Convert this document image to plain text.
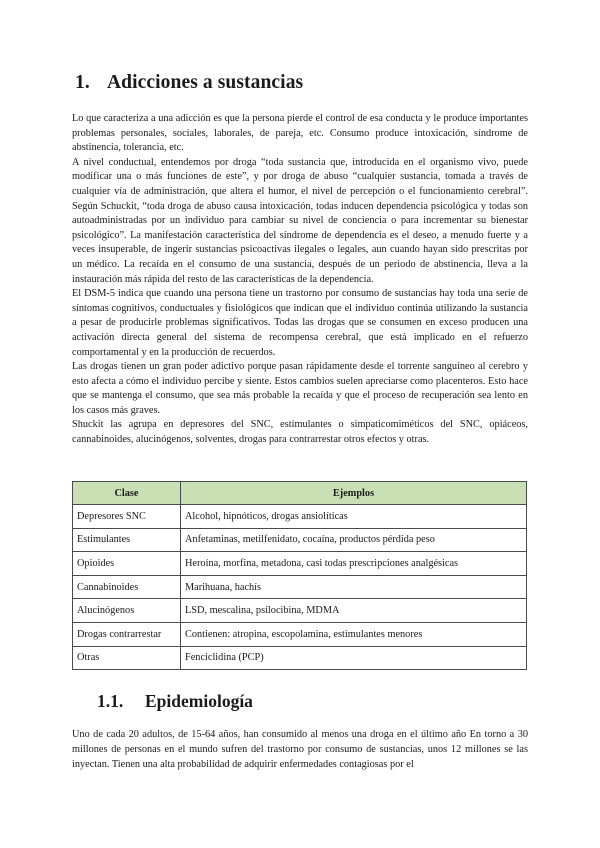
1. Adicciones a sustancias

Lo que caracteriza a una adicción es que la persona pierde el control de esa conducta y le produce importantes problemas personales, sociales, laborales, de pareja, etc. Consumo produce intoxicación, síndrome de abstinencia, tolerancia, etc.

A nivel conductual, entendemos por droga “toda sustancia que, introducida en el organismo vivo, puede modificar una o más funciones de este”, y por droga de abuso “cualquier sustancia, tomada a través de cualquier vía de administración, que altera el humor, el nivel de percepción o el funcionamiento cerebral”. Según Schuckit, “toda droga de abuso causa intoxicación, todas inducen dependencia psicológica y todas son autoadministradas por un individuo para cambiar su nivel de conciencia o para incrementar su bienestar psicológico”. La manifestación característica del síndrome de dependencia es el deseo, a menudo fuerte y a veces insuperable, de ingerir sustancias psicoactivas ilegales o legales, aun cuando hayan sido prescritas por un médico. La recaída en el consumo de una sustancia, después de un periodo de abstinencia, lleva a la instauración más rápida del resto de las características de la dependencia.

El DSM-5 indica que cuando una persona tiene un trastorno por consumo de sustancias hay toda una serie de síntomas cognitivos, conductuales y fisiológicos que indican que el individuo continúa utilizando la sustancia a pesar de producirle problemas significativos. Todas las drogas que se consumen en exceso producen una activación directa general del sistema de recompensa cerebral, que está implicado en el refuerzo comportamental y en la producción de recuerdos.

Las drogas tienen un gran poder adictivo porque pasan rápidamente desde el torrente sanguíneo al cerebro y esto afecta a cómo el individuo percibe y siente. Estos cambios suelen apreciarse como placenteros. Esto hace que se mantenga el consumo, que sea más probable la recaída y que el proceso de recuperación sea lento en los casos más graves.

Shuckit las agrupa en depresores del SNC, estimulantes o simpaticomiméticos del SNC, opiáceos, cannabinoides, alucinógenos, solventes, drogas para contrarrestar otros efectos y otras.

Clase	Ejemplos
Depresores SNC	Alcohol, hipnóticos, drogas ansiolíticas
Estimulantes	Anfetaminas, metilfenidato, cocaína, productos pérdida peso
Opioides	Heroína, morfina, metadona, casi todas prescripciones analgésicas
Cannabinoides	Marihuana, hachís
Alucinógenos	LSD, mescalina, psilocibina, MDMA
Drogas contrarrestar	Contienen: atropina, escopolamina, estimulantes menores
Otras	Fenciclidina (PCP)
1.1. Epidemiología

Uno de cada 20 adultos, de 15-64 años, han consumido al menos una droga en el último año En torno a 30 millones de personas en el mundo sufren del trastorno por consumo de sustancias, unos 12 millones se las inyectan. Tienen una alta probabilidad de adquirir enfermedades contagiosas por el
